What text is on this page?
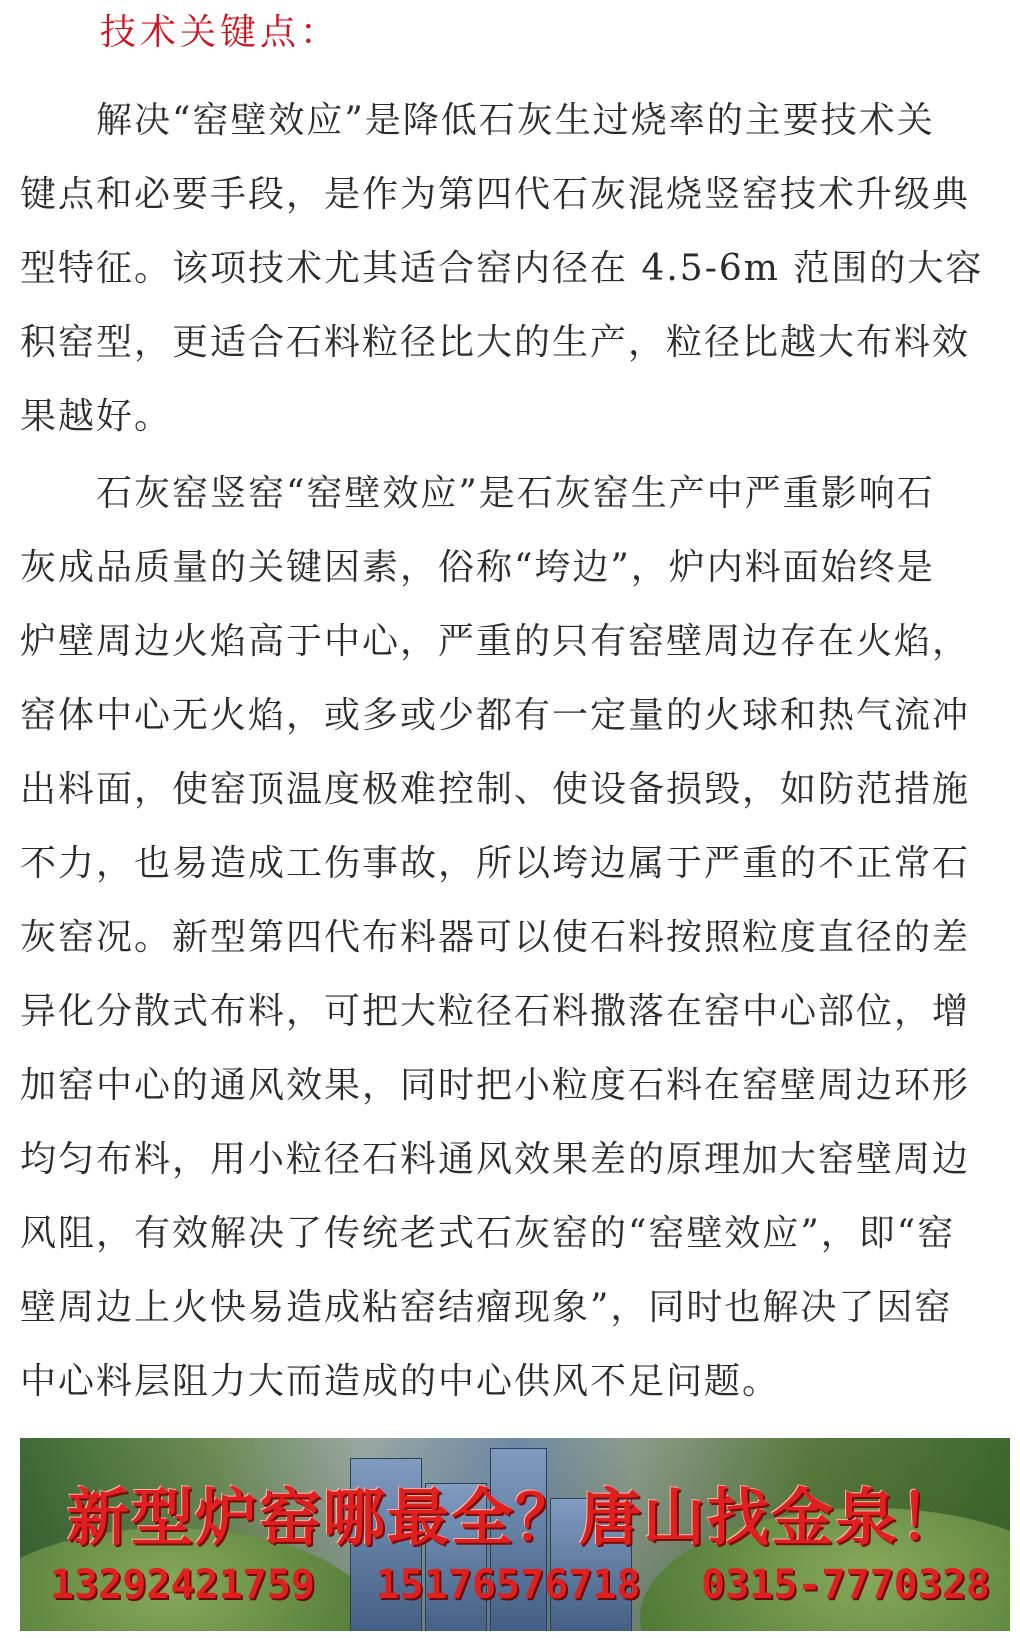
技术关键点：
　　解决“窑壁效应”是降低石灰生过烧率的主要技术关
键点和必要手段，是作为第四代石灰混烧竖窑技术升级典
型特征。该项技术尤其适合窑内径在 4.5-6m 范围的大容
积窑型，更适合石料粒径比大的生产，粒径比越大布料效
果越好。
　　石灰窑竖窑“窑壁效应”是石灰窑生产中严重影响石
灰成品质量的关键因素，俗称“垮边”，炉内料面始终是
炉壁周边火焰高于中心，严重的只有窑壁周边存在火焰，
窑体中心无火焰，或多或少都有一定量的火球和热气流冲
出料面，使窑顶温度极难控制、使设备损毁，如防范措施
不力，也易造成工伤事故，所以垮边属于严重的不正常石
灰窑况。新型第四代布料器可以使石料按照粒度直径的差
异化分散式布料，可把大粒径石料撒落在窑中心部位，增
加窑中心的通风效果，同时把小粒度石料在窑壁周边环形
均匀布料，用小粒径石料通风效果差的原理加大窑壁周边
风阻，有效解决了传统老式石灰窑的“窑壁效应”，即“窑
壁周边上火快易造成粘窑结瘤现象”，同时也解决了因窑
中心料层阻力大而造成的中心供风不足问题。
新型炉窑哪最全？唐山找金泉！
13292421759 15176576718 0315-7770328
